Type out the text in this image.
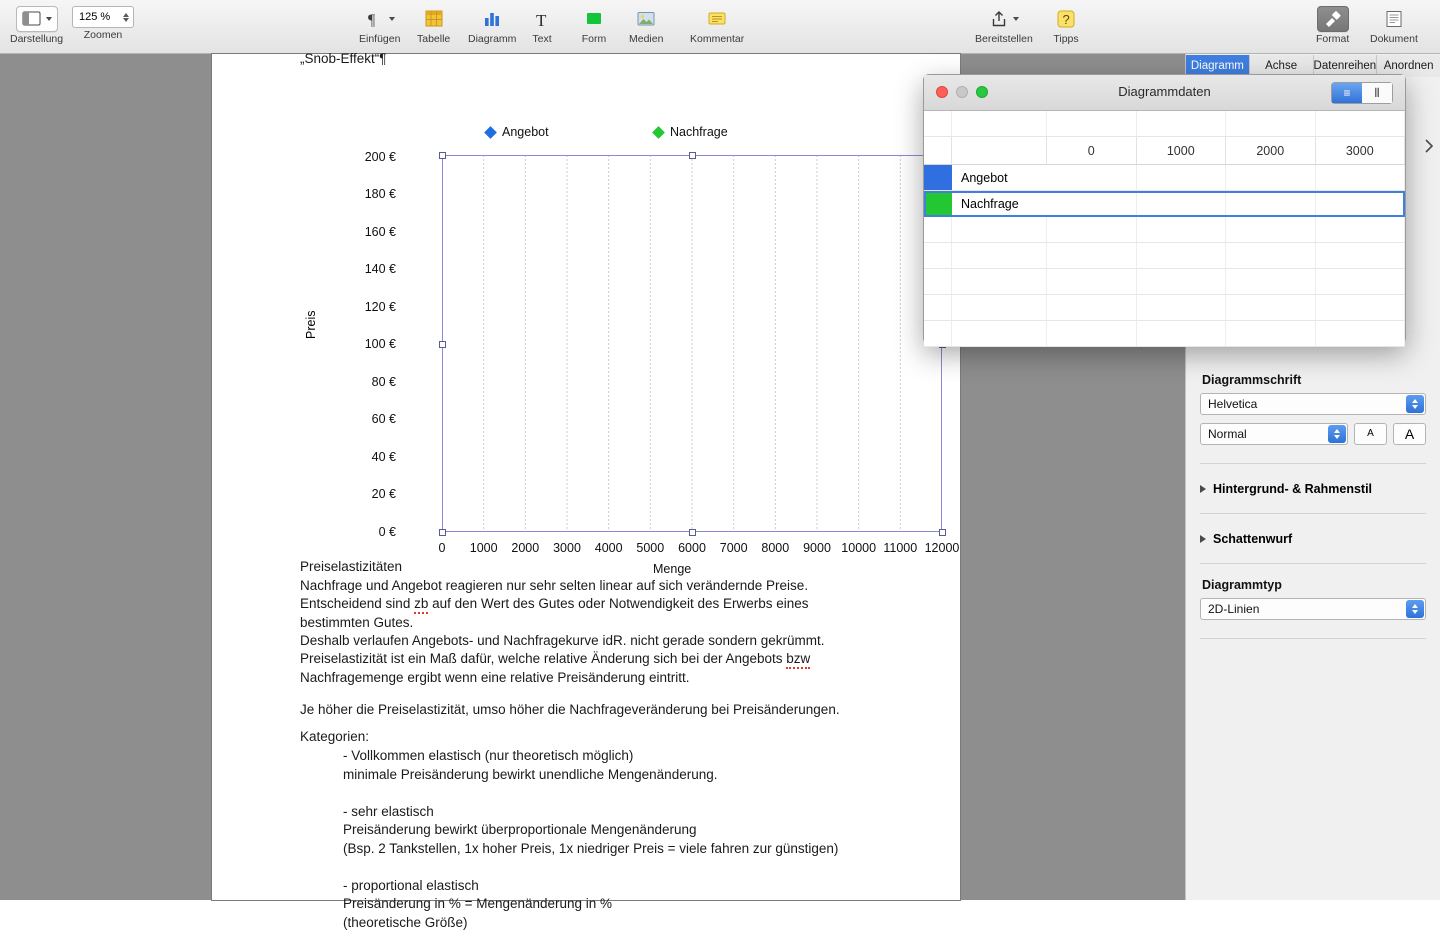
Darstellung
125 %
Zoomen
¶
Einfügen Tabelle Diagramm
T
Text	Form	Medien	Kommentar	Bereitstellen
?
Tipps	Format Dokument
„Snob-Effekt“¶
Angebot	Nachfrage
Preis
0 €
20 €
40 €
60 €
80 €
100 €
120 €
140 €
160 €
180 €
200 €
0	1000	2000	3000	4000	5000	6000	7000	8000	9000 10000 11000 12000
Menge
Preiselastizitäten
Nachfrage und Angebot reagieren nur sehr selten linear auf sich verändernde Preise.
Entscheidend sind zb auf den Wert des Gutes oder Notwendigkeit des Erwerbs eines
bestimmten Gutes.
Deshalb verlaufen Angebots- und Nachfragekurve idR. nicht gerade sondern gekrümmt.
Preiselastizität ist ein Maß dafür, welche relative Änderung sich bei der Angebots bzw
Nachfragemenge ergibt wenn eine relative Preisänderung eintritt.
Je höher die Preiselastizität, umso höher die Nachfrageveränderung bei Preisänderungen.
Kategorien:
- Vollkommen elastisch (nur theoretisch möglich)
minimale Preisänderung bewirkt unendliche Mengenänderung.
- sehr elastisch
Preisänderung bewirkt überproportionale Mengenänderung
(Bsp. 2 Tankstellen, 1x hoher Preis, 1x niedriger Preis = viele fahren zur günstigen)
- proportional elastisch
Preisänderung in % = Mengenänderung in %
(theoretische Größe)
Diagramm	Achse	Datenreihen Anordnen
Diagrammschrift
Helvetica
Normal	A	A
Hintergrund- & Rahmenstil
Schattenwurf
Diagrammtyp
2D-Linien
Diagrammdaten	≡	⦀
0	1000	2000	3000
Angebot
Nachfrage
